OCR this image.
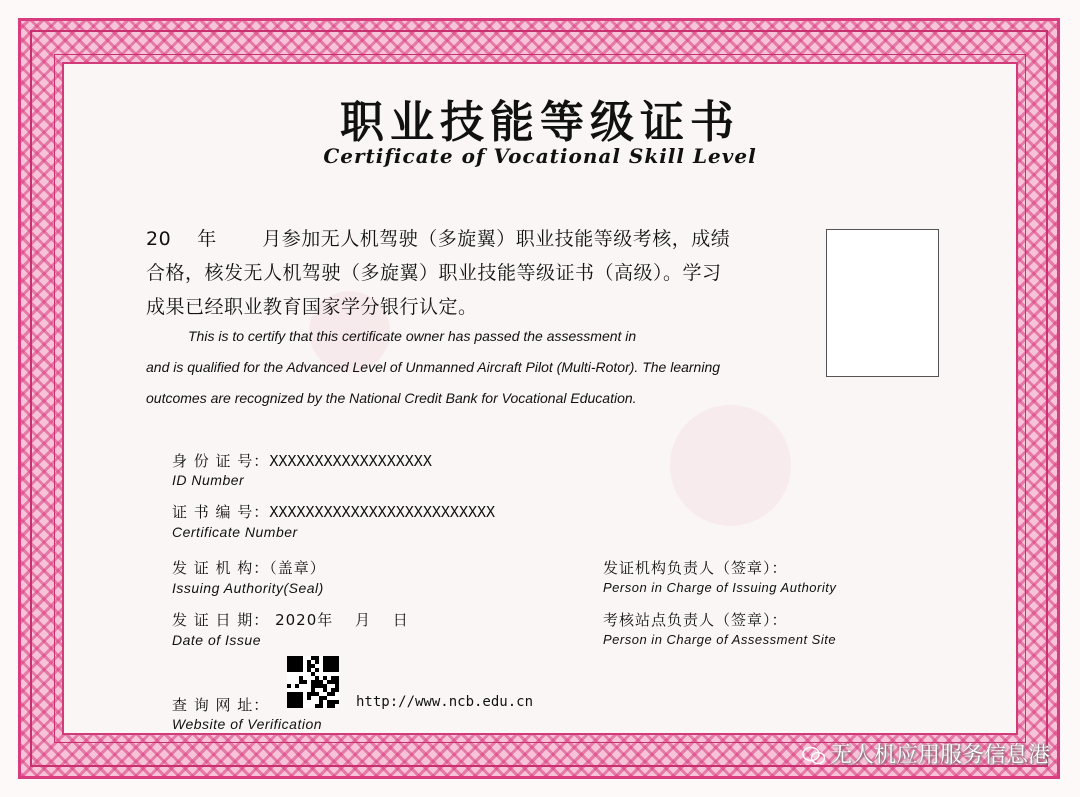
职业技能等级证书
Certificate of Vocational Skill Level
20　 年　　 月参加无人机驾驶（多旋翼）职业技能等级考核，成绩
合格，核发无人机驾驶（多旋翼）职业技能等级证书（高级）。学习
成果已经职业教育国家学分银行认定。
This is to certify that this certificate owner has passed the assessment in
and is qualified for the Advanced Level of Unmanned Aircraft Pilot (Multi-Rotor). The learning
outcomes are recognized by the National Credit Bank for Vocational Education.
身 份 证 号：XXXXXXXXXXXXXXXXXX
ID Number
证 书 编 号：XXXXXXXXXXXXXXXXXXXXXXXXX
Certificate Number
发 证 机 构：（盖章）
Issuing Authority(Seal)
发 证 日 期： 2020年　 月　 日
Date of Issue
发证机构负责人（签章）：
Person in Charge of Issuing Authority
考核站点负责人（签章）：
Person in Charge of Assessment Site
查 询 网 址：	http://www.ncb.edu.cn
Website of Verification
无人机应用服务信息港
